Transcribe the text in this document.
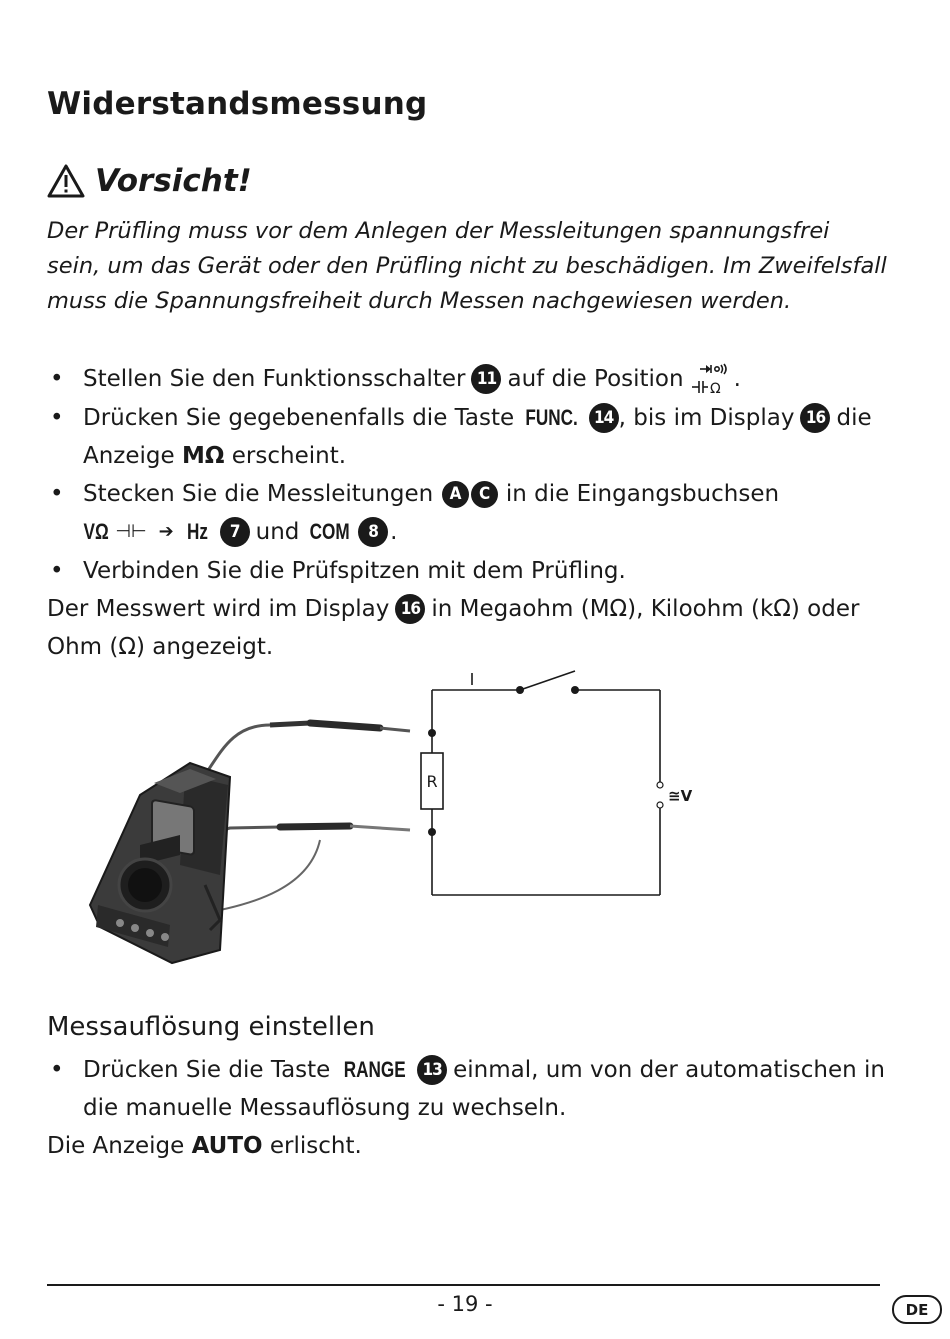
Widerstandsmessung
Vorsicht!
Der Prüfling muss vor dem Anlegen der Messleitungen spannungsfrei sein, um das Gerät oder den Prüfling nicht zu beschädigen. Im Zweifelsfall muss die Spannungsfreiheit durch Messen nachgewiesen werden.
• Stellen Sie den Funktionsschalter 11 auf die Position Ω .
• Drücken Sie gegebenenfalls die Taste
FUNC. 14 , bis im Display 16 die
Anzeige
MΩ
erscheint.
• Stecken Sie die Messleitungen
A	C
in die Eingangsbuchsen
VΩ ⊣⊢ ➔ Hz	7 und
COM	8 .
• Verbinden Sie die Prüfspitzen mit dem Prüfling.
Der Messwert wird im Display 16 in Megaohm (MΩ), Kiloohm (kΩ) oder
Ohm (Ω) angezeigt.
R
≅V
Messauflösung einstellen
• Drücken Sie die Taste
RANGE	13 einmal, um von der automatischen in
die manuelle Messauflösung zu wechseln.
Die Anzeige
AUTO
erlischt.
- 19 -	DE
